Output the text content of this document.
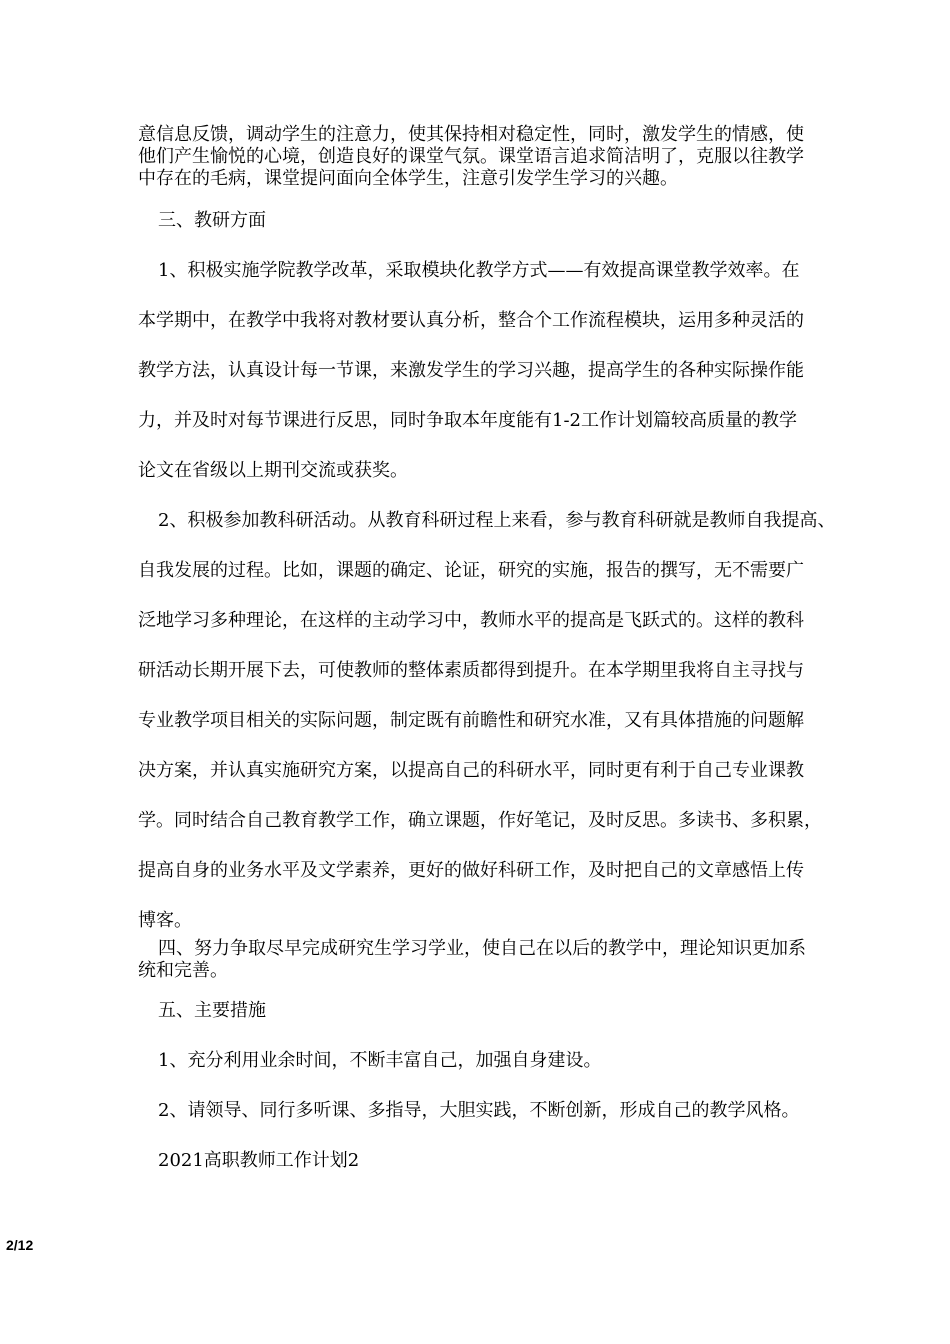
意信息反馈，调动学生的注意力，使其保持相对稳定性，同时，激发学生的情感，使

他们产生愉悦的心境，创造良好的课堂气氛。课堂语言追求简洁明了，克服以往教学

中存在的毛病，课堂提问面向全体学生，注意引发学生学习的兴趣。

三、教研方面

1、积极实施学院教学改革，采取模块化教学方式——有效提高课堂教学效率。在

本学期中，在教学中我将对教材要认真分析，整合个工作流程模块，运用多种灵活的

教学方法，认真设计每一节课，来激发学生的学习兴趣，提高学生的各种实际操作能

力，并及时对每节课进行反思，同时争取本年度能有1-2工作计划篇较高质量的教学

论文在省级以上期刊交流或获奖。

2、积极参加教科研活动。从教育科研过程上来看，参与教育科研就是教师自我提高、

自我发展的过程。比如，课题的确定、论证，研究的实施，报告的撰写，无不需要广

泛地学习多种理论，在这样的主动学习中，教师水平的提高是飞跃式的。这样的教科

研活动长期开展下去，可使教师的整体素质都得到提升。在本学期里我将自主寻找与

专业教学项目相关的实际问题，制定既有前瞻性和研究水准，又有具体措施的问题解

决方案，并认真实施研究方案，以提高自己的科研水平，同时更有利于自己专业课教

学。同时结合自己教育教学工作，确立课题，作好笔记，及时反思。多读书、多积累，

提高自身的业务水平及文学素养，更好的做好科研工作，及时把自己的文章感悟上传

博客。

四、努力争取尽早完成研究生学习学业，使自己在以后的教学中，理论知识更加系

统和完善。

五、主要措施

1、充分利用业余时间，不断丰富自己，加强自身建设。

2、请领导、同行多听课、多指导，大胆实践，不断创新，形成自己的教学风格。

2021高职教师工作计划2

2/12
